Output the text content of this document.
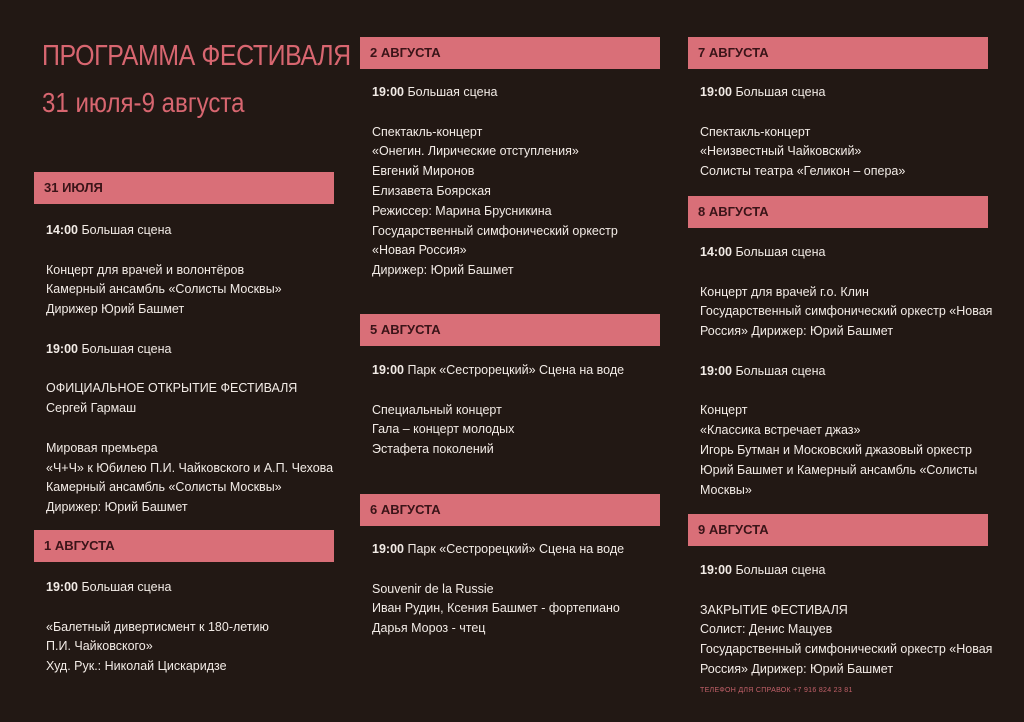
ПРОГРАММА ФЕСТИВАЛЯ
31 июля-9 августа
31 ИЮЛЯ
14:00 Большая сцена
Концерт для врачей и волонтёров
Камерный ансамбль «Солисты Москвы»
Дирижер Юрий Башмет
19:00 Большая сцена
ОФИЦИАЛЬНОЕ ОТКРЫТИЕ ФЕСТИВАЛЯ
Сергей Гармаш
Мировая премьера
«Ч+Ч» к Юбилею П.И. Чайковского и А.П. Чехова
Камерный ансамбль «Солисты Москвы»
Дирижер: Юрий Башмет
1 АВГУСТА
19:00 Большая сцена
«Балетный дивертисмент к 180-летию
П.И. Чайковского»
Худ. Рук.: Николай Цискаридзе
2 АВГУСТА
19:00 Большая сцена
Спектакль-концерт
«Онегин. Лирические отступления»
Евгений Миронов
Елизавета Боярская
Режиссер: Марина Брусникина
Государственный симфонический оркестр
«Новая Россия»
Дирижер: Юрий Башмет
5 АВГУСТА
19:00 Парк «Сестрорецкий» Сцена на воде
Специальный концерт
Гала – концерт молодых
Эстафета поколений
6 АВГУСТА
19:00 Парк «Сестрорецкий» Сцена на воде
Souvenir de la Russie
Иван Рудин, Ксения Башмет - фортепиано
Дарья Мороз - чтец
7 АВГУСТА
19:00 Большая сцена
Спектакль-концерт
«Неизвестный Чайковский»
Солисты театра «Геликон – опера»
8 АВГУСТА
14:00 Большая сцена
Концерт для врачей г.о. Клин
Государственный симфонический оркестр «Новая
Россия» Дирижер: Юрий Башмет
19:00 Большая сцена
Концерт
«Классика встречает джаз»
Игорь Бутман и Московский джазовый оркестр
Юрий Башмет и Камерный ансамбль «Солисты
Москвы»
9 АВГУСТА
19:00 Большая сцена
ЗАКРЫТИЕ ФЕСТИВАЛЯ
Солист: Денис Мацуев
Государственный симфонический оркестр «Новая
Россия» Дирижер: Юрий Башмет
ТЕЛЕФОН ДЛЯ СПРАВОК +7 916 824 23 81
